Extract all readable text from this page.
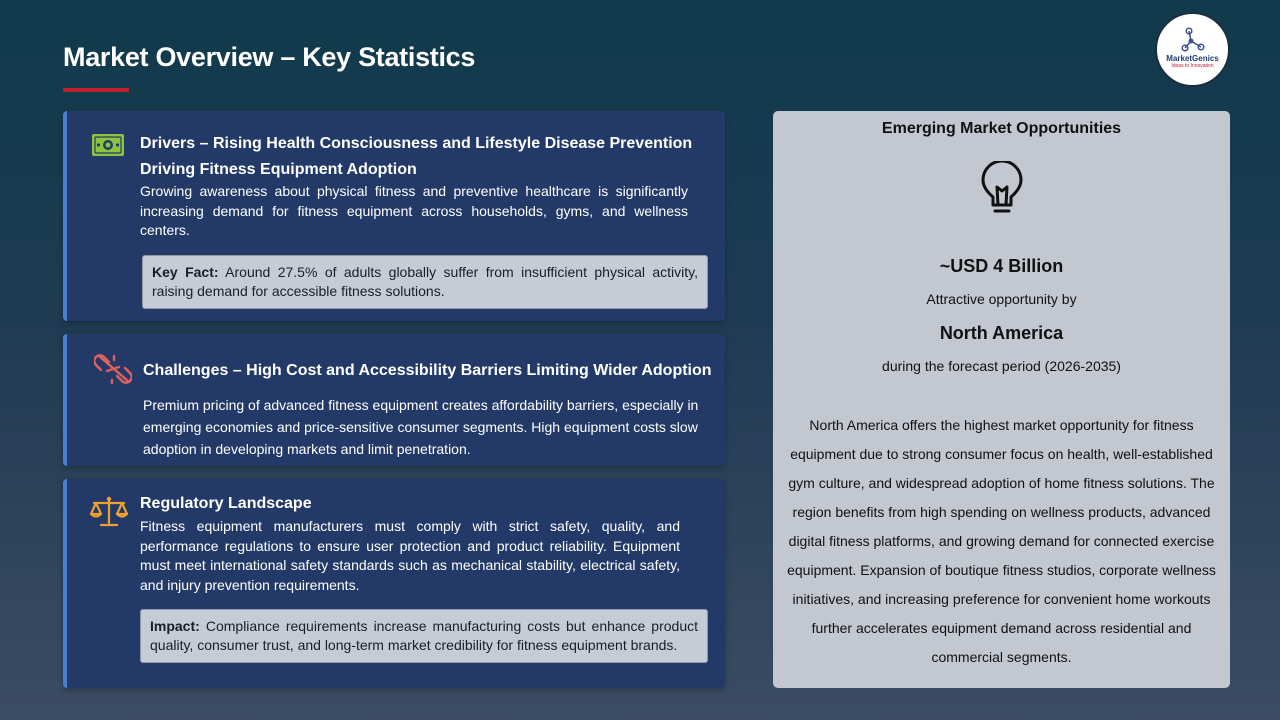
Market Overview – Key Statistics	MarketGenics
Ideas to Innovation
Drivers – Rising Health Consciousness and Lifestyle Disease Prevention
Driving Fitness Equipment Adoption
Growing awareness about physical fitness and preventive healthcare is significantly increasing demand for fitness equipment across households, gyms, and wellness centers.
Key Fact: Around 27.5% of adults globally suffer from insufficient physical activity, raising demand for accessible fitness solutions.
Challenges – High Cost and Accessibility Barriers Limiting Wider Adoption
Premium pricing of advanced fitness equipment creates affordability barriers, especially in emerging economies and price-sensitive consumer segments. High equipment costs slow adoption in developing markets and limit penetration.
Regulatory Landscape
Fitness equipment manufacturers must comply with strict safety, quality, and performance regulations to ensure user protection and product reliability. Equipment must meet international safety standards such as mechanical stability, electrical safety, and injury prevention requirements.
Impact: Compliance requirements increase manufacturing costs but enhance product quality, consumer trust, and long-term market credibility for fitness equipment brands.
Emerging Market Opportunities
~USD 4 Billion
Attractive opportunity by
North America
during the forecast period (2026-2035)
North America offers the highest market opportunity for fitness equipment due to strong consumer focus on health, well-established gym culture, and widespread adoption of home fitness solutions. The region benefits from high spending on wellness products, advanced digital fitness platforms, and growing demand for connected exercise equipment. Expansion of boutique fitness studios, corporate wellness initiatives, and increasing preference for convenient home workouts further accelerates equipment demand across residential and commercial segments.
